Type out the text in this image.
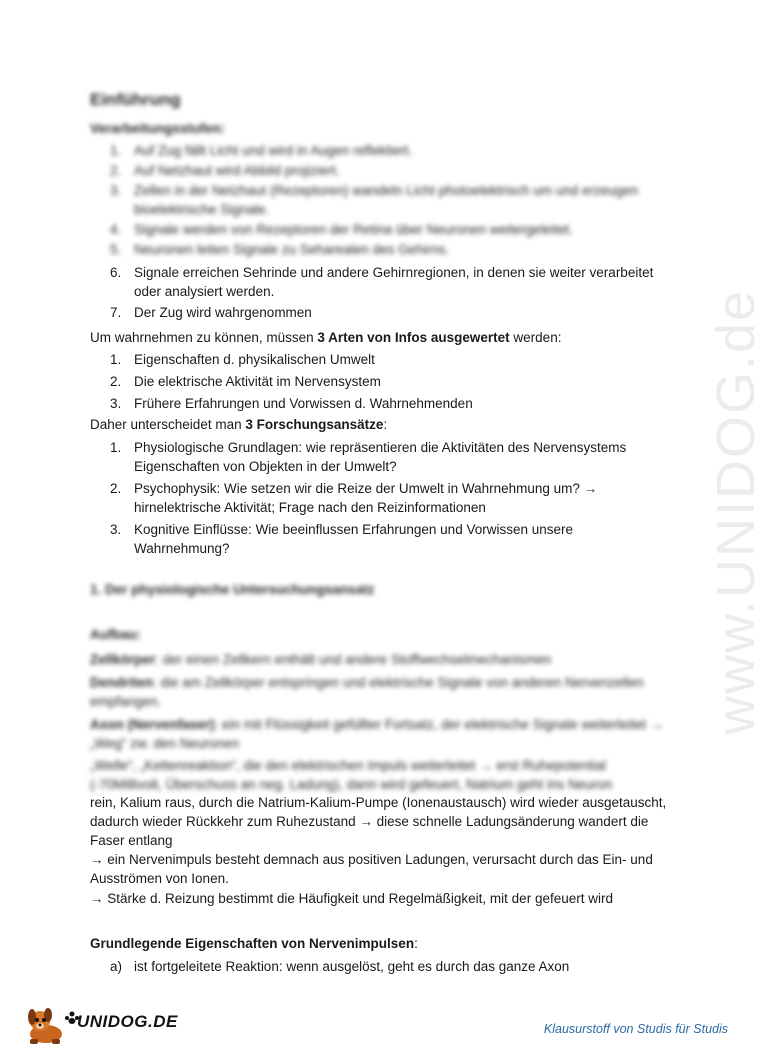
www.UNIDOG.de
Einführung
Verarbeitungsstufen:
1. Auf Zug fällt Licht und wird in Augen reflektiert.
2. Auf Netzhaut wird Abbild projiziert.
3. Zellen in der Netzhaut (Rezeptoren) wandeln Licht photoelektrisch um und erzeugen bioelektrische Signale.
4. Signale werden von Rezeptoren der Retina über Neuronen weitergeleitet.
5. Neuronen leiten Signale zu Seharealen des Gehirns.
6. Signale erreichen Sehrinde und andere Gehirnregionen, in denen sie weiter verarbeitet oder analysiert werden.
7. Der Zug wird wahrgenommen
Um wahrnehmen zu können, müssen 3 Arten von Infos ausgewertet werden:
1. Eigenschaften d. physikalischen Umwelt
2. Die elektrische Aktivität im Nervensystem
3. Frühere Erfahrungen und Vorwissen d. Wahrnehmenden
Daher unterscheidet man 3 Forschungsansätze:
1. Physiologische Grundlagen: wie repräsentieren die Aktivitäten des Nervensystems Eigenschaften von Objekten in der Umwelt?
2. Psychophysik: Wie setzen wir die Reize der Umwelt in Wahrnehmung um? → hirnelektrische Aktivität; Frage nach den Reizinformationen
3. Kognitive Einflüsse: Wie beeinflussen Erfahrungen und Vorwissen unsere Wahrnehmung?
1. Der physiologische Untersuchungsansatz
Aufbau:
Zellkörper: der einen Zellkern enthält und andere Stoffwechselmechanismen
Dendriten: die am Zellkörper entspringen und elektrische Signale von anderen Nervenzellen empfangen.
Axon (Nervenfaser): ein mit Flüssigkeit gefüllter Fortsatz, der elektrische Signale weiterleitet → „Weg“ zw. den Neuronen
„Welle“, „Kettenreaktion“, die den elektrischen Impuls weiterleitet → erst Ruhepotential (-70Millivolt, Überschuss an neg. Ladung), dann wird gefeuert, Natrium geht ins Neuron
rein, Kalium raus, durch die Natrium-Kalium-Pumpe (Ionenaustausch) wird wieder ausgetauscht, dadurch wieder Rückkehr zum Ruhezustand → diese schnelle Ladungsänderung wandert die Faser entlang
→ ein Nervenimpuls besteht demnach aus positiven Ladungen, verursacht durch das Ein- und Ausströmen von Ionen.
→ Stärke d. Reizung bestimmt die Häufigkeit und Regelmäßigkeit, mit der gefeuert wird
Grundlegende Eigenschaften von Nervenimpulsen:
a) ist fortgeleitete Reaktion: wenn ausgelöst, geht es durch das ganze Axon
UNIDOG.DE	Klausurstoff von Studis für Studis
